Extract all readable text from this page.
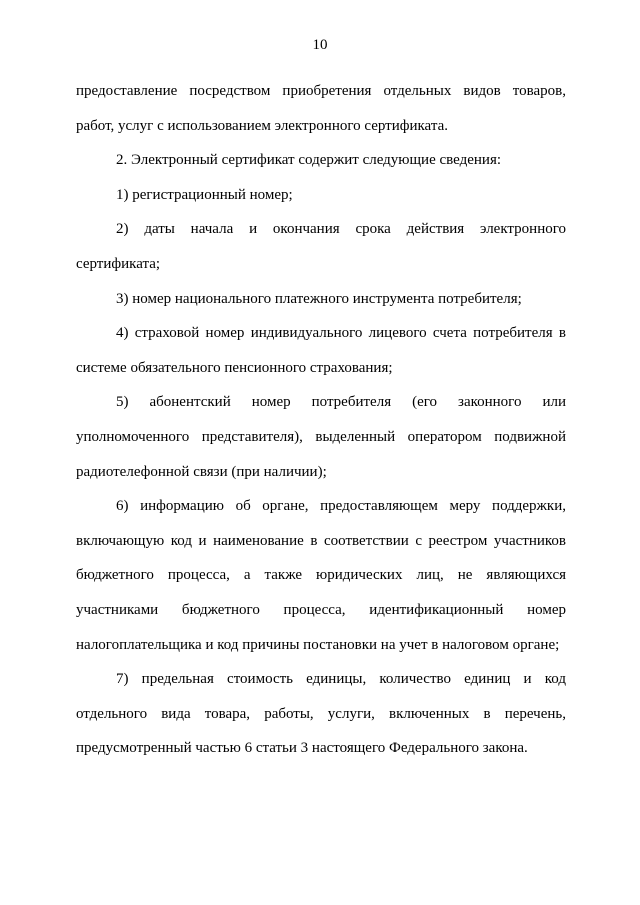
10

предоставление посредством приобретения отдельных видов товаров, работ, услуг с использованием электронного сертификата.

2. Электронный сертификат содержит следующие сведения:

1) регистрационный номер;

2) даты начала и окончания срока действия электронного сертификата;

3) номер национального платежного инструмента потребителя;

4) страховой номер индивидуального лицевого счета потребителя в системе обязательного пенсионного страхования;

5) абонентский номер потребителя (его законного или уполномоченного представителя), выделенный оператором подвижной радиотелефонной связи (при наличии);

6) информацию об органе, предоставляющем меру поддержки, включающую код и наименование в соответствии с реестром участников бюджетного процесса, а также юридических лиц, не являющихся участниками бюджетного процесса, идентификационный номер налогоплательщика и код причины постановки на учет в налоговом органе;

7) предельная стоимость единицы, количество единиц и код отдельного вида товара, работы, услуги, включенных в перечень, предусмотренный частью 6 статьи 3 настоящего Федерального закона.
